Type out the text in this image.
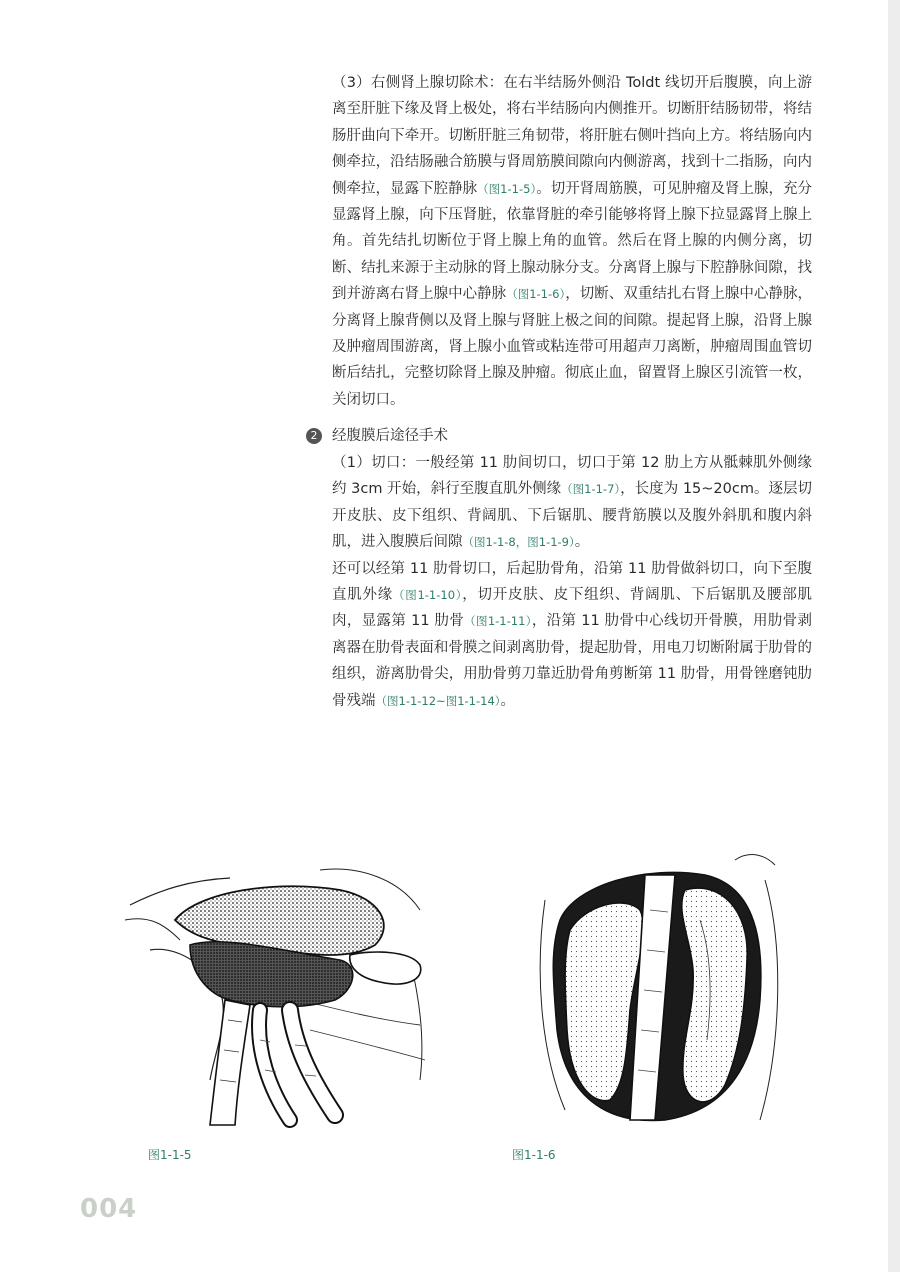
（3）右侧肾上腺切除术：在右半结肠外侧沿 Toldt 线切开后腹膜，向上游离至肝脏下缘及肾上极处，将右半结肠向内侧推开。切断肝结肠韧带，将结肠肝曲向下牵开。切断肝脏三角韧带，将肝脏右侧叶挡向上方。将结肠向内侧牵拉，沿结肠融合筋膜与肾周筋膜间隙向内侧游离，找到十二指肠，向内侧牵拉，显露下腔静脉（图1-1-5）。切开肾周筋膜，可见肿瘤及肾上腺，充分显露肾上腺，向下压肾脏，依靠肾脏的牵引能够将肾上腺下拉显露肾上腺上角。首先结扎切断位于肾上腺上角的血管。然后在肾上腺的内侧分离，切断、结扎来源于主动脉的肾上腺动脉分支。分离肾上腺与下腔静脉间隙，找到并游离右肾上腺中心静脉（图1-1-6），切断、双重结扎右肾上腺中心静脉，分离肾上腺背侧以及肾上腺与肾脏上极之间的间隙。提起肾上腺，沿肾上腺及肿瘤周围游离，肾上腺小血管或粘连带可用超声刀离断，肿瘤周围血管切断后结扎，完整切除肾上腺及肿瘤。彻底止血，留置肾上腺区引流管一枚，关闭切口。

2	经腹膜后途径手术

（1）切口：一般经第 11 肋间切口，切口于第 12 肋上方从骶棘肌外侧缘约 3cm 开始，斜行至腹直肌外侧缘（图1-1-7），长度为 15~20cm。逐层切开皮肤、皮下组织、背阔肌、下后锯肌、腰背筋膜以及腹外斜肌和腹内斜肌，进入腹膜后间隙（图1-1-8，图1-1-9）。

还可以经第 11 肋骨切口，后起肋骨角，沿第 11 肋骨做斜切口，向下至腹直肌外缘（图1-1-10），切开皮肤、皮下组织、背阔肌、下后锯肌及腰部肌肉，显露第 11 肋骨（图1-1-11），沿第 11 肋骨中心线切开骨膜，用肋骨剥离器在肋骨表面和骨膜之间剥离肋骨，提起肋骨，用电刀切断附属于肋骨的组织，游离肋骨尖，用肋骨剪刀靠近肋骨角剪断第 11 肋骨，用骨锉磨钝肋骨残端（图1-1-12~图1-1-14）。

图1-1-5	图1-1-6
004
